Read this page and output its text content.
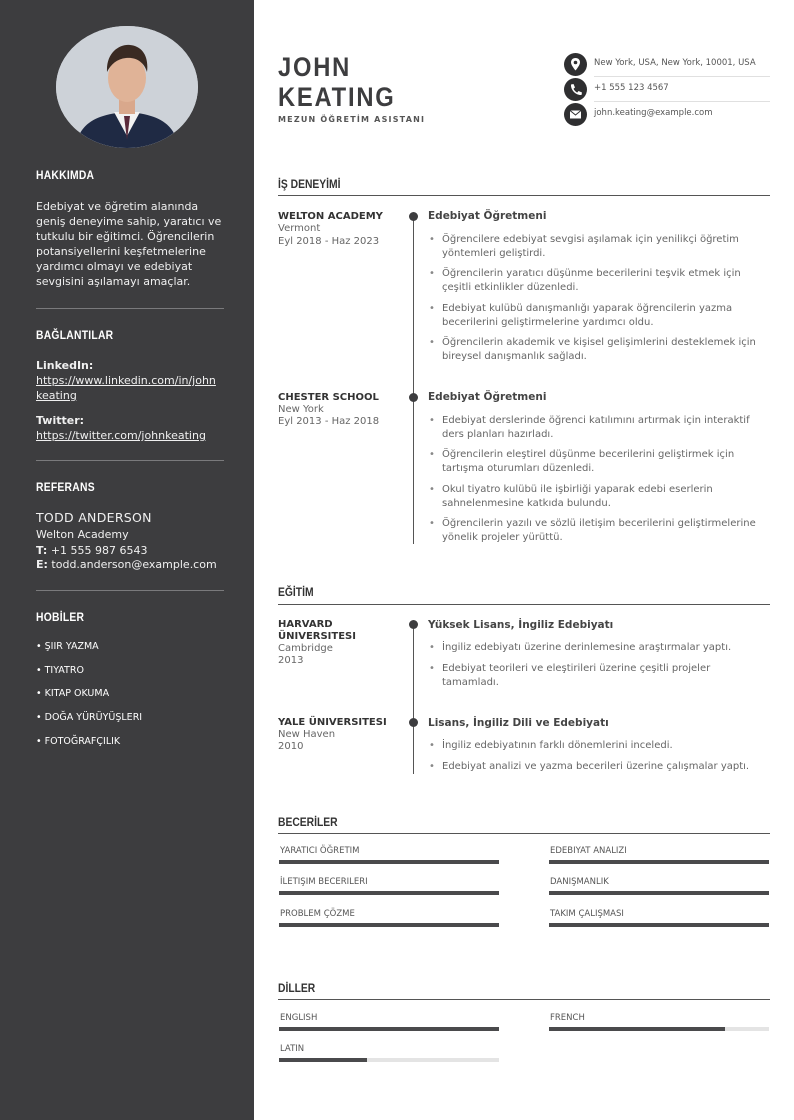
HAKKIMDA
Edebiyat ve öğretim alanında geniş deneyime sahip, yaratıcı ve tutkulu bir eğitimci. Öğrencilerin potansiyellerini keşfetmelerine yardımcı olmayı ve edebiyat sevgisini aşılamayı amaçlar.
BAĞLANTILAR
LinkedIn:
https://www.linkedin.com/in/johnkeating
Twitter:
https://twitter.com/johnkeating
REFERANS
TODD ANDERSON
Welton Academy
T: +1 555 987 6543
E: todd.anderson@example.com
HOBİLER
• ŞIIR YAZMA
• TIYATRO
• KITAP OKUMA
• DOĞA YÜRÜYÜŞLERI
• FOTOĞRAFÇILIK
JOHN
KEATING
MEZUN ÖĞRETİM ASISTANI
New York, USA, New York, 10001, USA
+1 555 123 4567
john.keating@example.com
İŞ DENEYİMİ
WELTON ACADEMY
Vermont
Eyl 2018 - Haz 2023
Edebiyat Öğretmeni
• Öğrencilere edebiyat sevgisi aşılamak için yenilikçi öğretim yöntemleri geliştirdi.
• Öğrencilerin yaratıcı düşünme becerilerini teşvik etmek için çeşitli etkinlikler düzenledi.
• Edebiyat kulübü danışmanlığı yaparak öğrencilerin yazma becerilerini geliştirmelerine yardımcı oldu.
• Öğrencilerin akademik ve kişisel gelişimlerini desteklemek için bireysel danışmanlık sağladı.
CHESTER SCHOOL
New York
Eyl 2013 - Haz 2018
Edebiyat Öğretmeni
• Edebiyat derslerinde öğrenci katılımını artırmak için interaktif ders planları hazırladı.
• Öğrencilerin eleştirel düşünme becerilerini geliştirmek için tartışma oturumları düzenledi.
• Okul tiyatro kulübü ile işbirliği yaparak edebi eserlerin sahnelenmesine katkıda bulundu.
• Öğrencilerin yazılı ve sözlü iletişim becerilerini geliştirmelerine yönelik projeler yürüttü.
EĞİTİM
HARVARD ÜNIVERSITESI
Cambridge
2013
Yüksek Lisans, İngiliz Edebiyatı
• İngiliz edebiyatı üzerine derinlemesine araştırmalar yaptı.
• Edebiyat teorileri ve eleştirileri üzerine çeşitli projeler tamamladı.
YALE ÜNIVERSITESI
New Haven
2010
Lisans, İngiliz Dili ve Edebiyatı
• İngiliz edebiyatının farklı dönemlerini inceledi.
• Edebiyat analizi ve yazma becerileri üzerine çalışmalar yaptı.
BECERİLER
YARATICI ÖĞRETIM	EDEBIYAT ANALIZI
İLETIŞIM BECERILERI	DANIŞMANLIK
PROBLEM ÇÖZME	TAKIM ÇALIŞMASI
DİLLER
ENGLISH	FRENCH
LATIN
